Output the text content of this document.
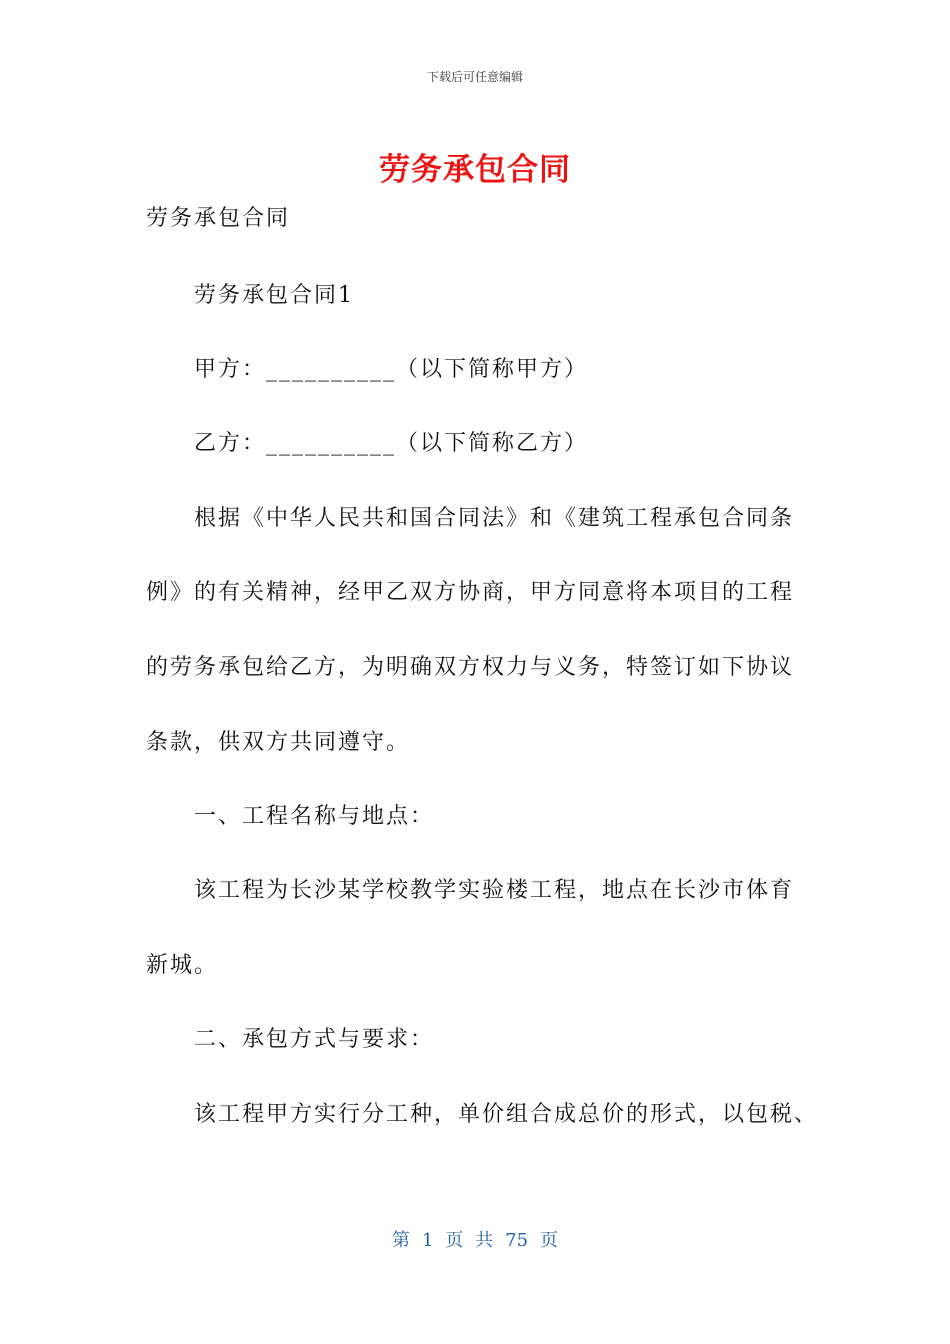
下载后可任意编辑
劳务承包合同
劳务承包合同
劳务承包合同1
甲方：__________（以下简称甲方）
乙方：__________（以下简称乙方）
根据《中华人民共和国合同法》和《建筑工程承包合同条
例》的有关精神，经甲乙双方协商，甲方同意将本项目的工程
的劳务承包给乙方，为明确双方权力与义务，特签订如下协议
条款，供双方共同遵守。
一、工程名称与地点：
该工程为长沙某学校教学实验楼工程，地点在长沙市体育
新城。
二、承包方式与要求：
该工程甲方实行分工种，单价组合成总价的形式，以包税、
第 1 页 共 75 页
